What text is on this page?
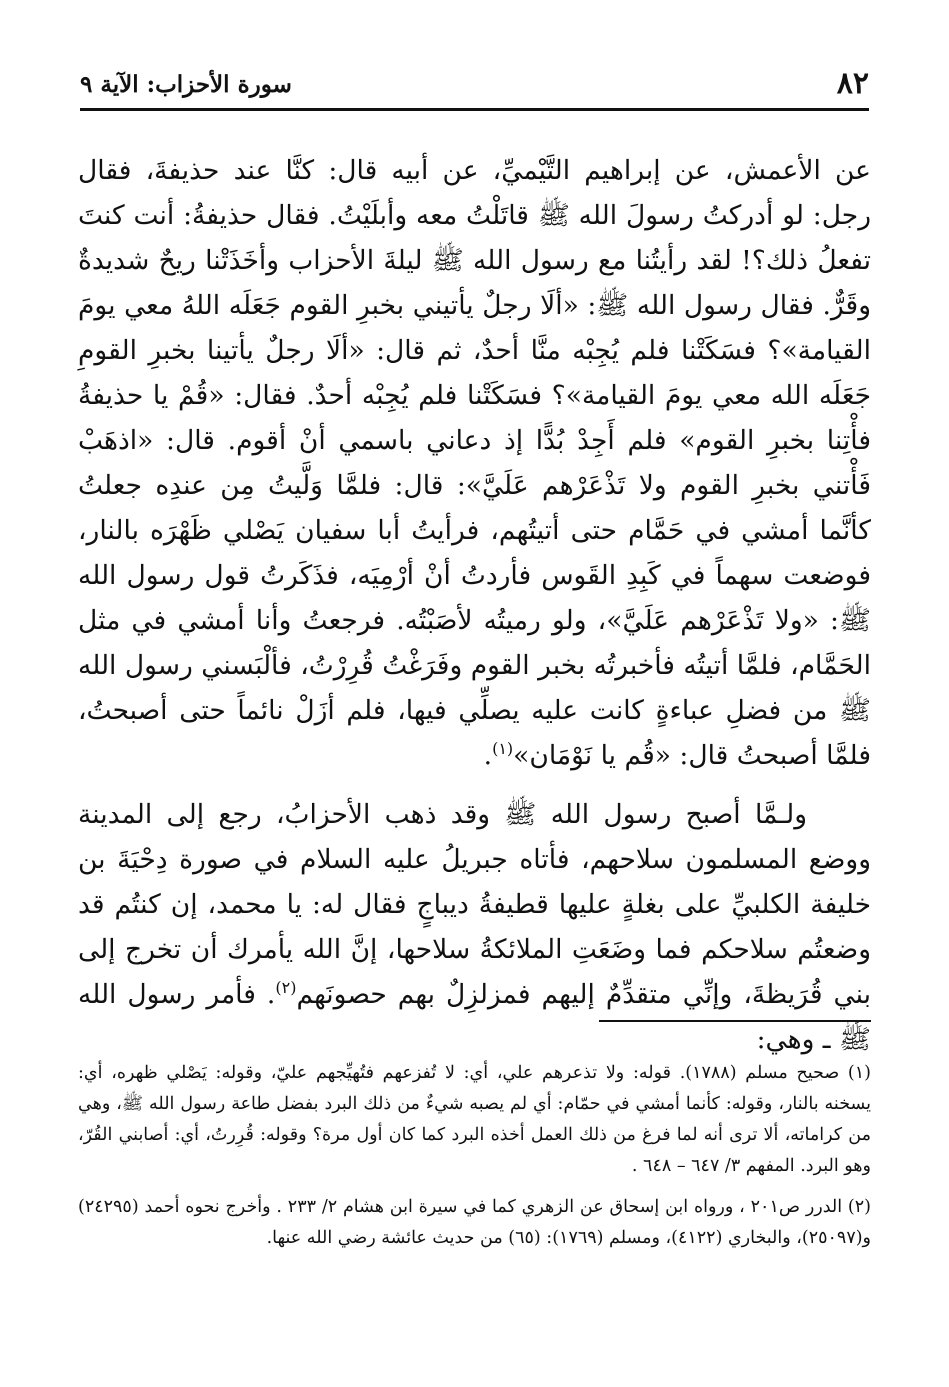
٨٢
سورة الأحزاب: الآية ٩

عن الأعمش، عن إبراهيم التَّيْميِّ، عن أبيه قال: كنَّا عند حذيفةَ، فقال رجل: لو أدركتُ رسولَ الله ﷺ قاتَلْتُ معه وأبلَيْتُ. فقال حذيفةُ: أنت كنتَ تفعلُ ذلك؟! لقد رأيتُنا مع رسول الله ﷺ ليلةَ الأحزاب وأخَذَتْنا ريحٌ شديدةٌ وقَرٌّ. فقال رسول الله ﷺ: «ألَا رجلٌ يأتيني بخبرِ القوم جَعَلَه اللهُ معي يومَ القيامة»؟ فسَكَتْنا فلم يُجِبْه منَّا أحدٌ، ثم قال: «ألَا رجلٌ يأتينا بخبرِ القومِ جَعَلَه الله معي يومَ القيامة»؟ فسَكَتْنا فلم يُجِبْه أحدٌ. فقال: «قُمْ يا حذيفةُ فأْتِنا بخبرِ القوم» فلم أَجِدْ بُدًّا إذ دعاني باسمي أنْ أقوم. قال: «اذهَبْ فَأْتني بخبرِ القوم ولا تَذْعَرْهم عَلَيَّ»: قال: فلمَّا وَلَّيتُ مِن عندِه جعلتُ كأنَّما أمشي في حَمَّام حتى أتيتُهم، فرأيتُ أبا سفيان يَصْلي ظَهْرَه بالنار، فوضعت سهماً في كَبِدِ القَوس فأردتُ أنْ أرْمِيَه، فذَكَرتُ قول رسول الله ﷺ: «ولا تَذْعَرْهم عَلَيَّ»، ولو رميتُه لأصَبْتُه. فرجعتُ وأنا أمشي في مثل الحَمَّام، فلمَّا أتيتُه فأخبرتُه بخبر القوم وفَرَغْتُ قُرِرْتُ، فألْبَسني رسول الله ﷺ من فضلِ عباءةٍ كانت عليه يصلِّي فيها، فلم أزَلْ نائماً حتى أصبحتُ، فلمَّا أصبحتُ قال: «قُم يا نَوْمَان»$^{(١)}$.

ولـمَّا أصبح رسول الله ﷺ وقد ذهب الأحزابُ، رجع إلى المدينة ووضع المسلمون سلاحهم، فأتاه جبريلُ عليه السلام في صورة دِحْيَةَ بن خليفة الكلبيِّ على بغلةٍ عليها قطيفةُ ديباجٍ فقال له: يا محمد، إن كنتُم قد وضعتُم سلاحكم فما وضَعَتِ الملائكةُ سلاحها، إنَّ الله يأمرك أن تخرج إلى بني قُرَيظةَ، وإنِّي متقدِّمٌ إليهم فمزلزِلٌ بهم حصونَهم$^{(٢)}$. فأمر رسول الله ﷺ ـ وهي:

(١) صحيح مسلم (١٧٨٨). قوله: ولا تذعرهم علي، أي: لا تُفزعهم فتُهيِّجهم عليّ، وقوله: يَصْلي ظهره، أي: يسخنه بالنار، وقوله: كأنما أمشي في حمّام: أي لم يصبه شيءٌ من ذلك البرد بفضل طاعة رسول الله ﷺ، وهي من كراماته، ألا ترى أنه لما فرغ من ذلك العمل أخذه البرد كما كان أول مرة؟ وقوله: قُرِرتُ، أي: أصابني القُرّ، وهو البرد. المفهم ٣/ ٦٤٧ – ٦٤٨ .

(٢) الدرر ص٢٠١ ، ورواه ابن إسحاق عن الزهري كما في سيرة ابن هشام ٢/ ٢٣٣ . وأخرج نحوه أحمد (٢٤٢٩٥) و(٢٥٠٩٧)، والبخاري (٤١٢٢)، ومسلم (١٧٦٩): (٦٥) من حديث عائشة رضي الله عنها.
